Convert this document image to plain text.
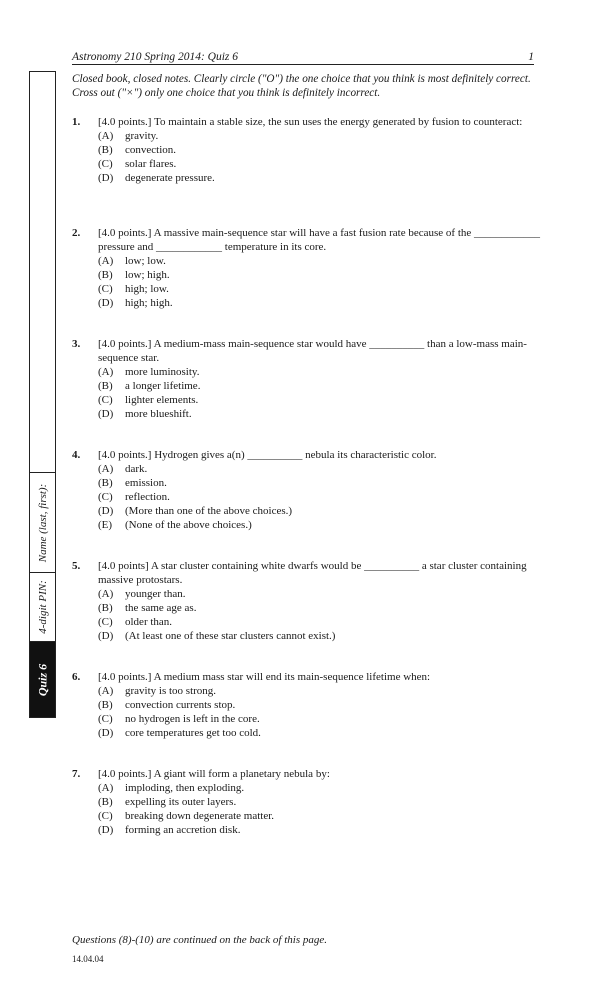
Astronomy 210 Spring 2014: Quiz 6	1
Name (last, first):
4-digit PIN:
Quiz 6
Closed book, closed notes. Clearly circle ("O") the one choice that you think is most definitely correct. Cross out ("×") only one choice that you think is definitely incorrect.
1. [4.0 points.] To maintain a stable size, the sun uses the energy generated by fusion to counteract:
(A) gravity.
(B) convection.
(C) solar flares.
(D) degenerate pressure.
2. [4.0 points.] A massive main-sequence star will have a fast fusion rate because of the ____________ pressure and ____________ temperature in its core.
(A) low; low.
(B) low; high.
(C) high; low.
(D) high; high.
3. [4.0 points.] A medium-mass main-sequence star would have __________ than a low-mass main-sequence star.
(A) more luminosity.
(B) a longer lifetime.
(C) lighter elements.
(D) more blueshift.
4. [4.0 points.] Hydrogen gives a(n) __________ nebula its characteristic color.
(A) dark.
(B) emission.
(C) reflection.
(D) (More than one of the above choices.)
(E) (None of the above choices.)
5. [4.0 points] A star cluster containing white dwarfs would be __________ a star cluster containing massive protostars.
(A) younger than.
(B) the same age as.
(C) older than.
(D) (At least one of these star clusters cannot exist.)
6. [4.0 points.] A medium mass star will end its main-sequence lifetime when:
(A) gravity is too strong.
(B) convection currents stop.
(C) no hydrogen is left in the core.
(D) core temperatures get too cold.
7. [4.0 points.] A giant will form a planetary nebula by:
(A) imploding, then exploding.
(B) expelling its outer layers.
(C) breaking down degenerate matter.
(D) forming an accretion disk.
Questions (8)-(10) are continued on the back of this page.
14.04.04
